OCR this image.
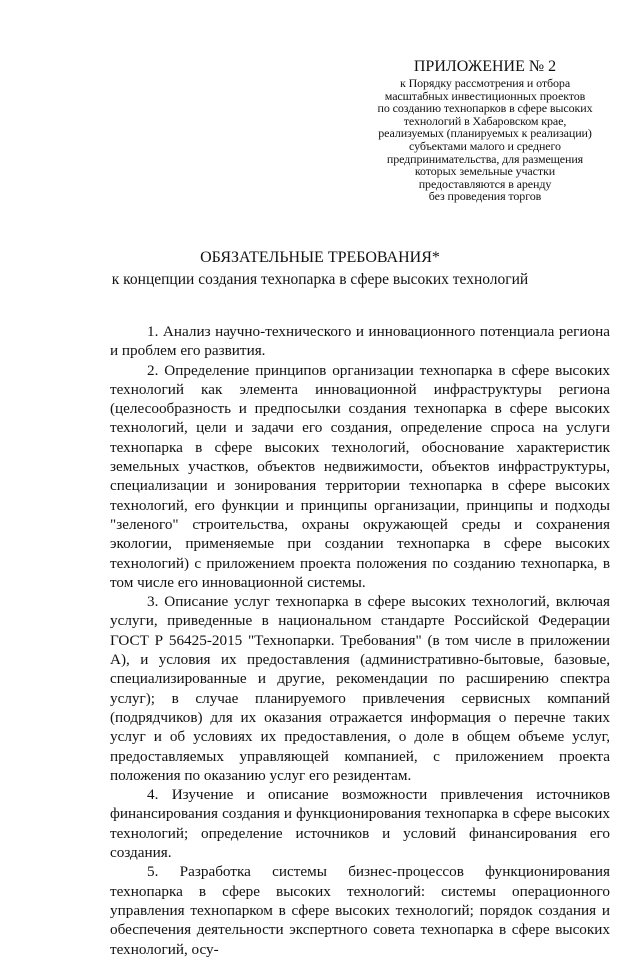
ПРИЛОЖЕНИЕ № 2

к Порядку рассмотрения и отбора

масштабных инвестиционных проектов

по созданию технопарков в сфере высоких

технологий в Хабаровском крае,

реализуемых (планируемых к реализации)

субъектами малого и среднего

предпринимательства, для размещения

которых земельные участки

предоставляются в аренду

без проведения торгов

ОБЯЗАТЕЛЬНЫЕ ТРЕБОВАНИЯ*
к концепции создания технопарка в сфере высоких технологий

1. Анализ научно-технического и инновационного потенциала региона и проблем его развития.

2. Определение принципов организации технопарка в сфере высоких технологий как элемента инновационной инфраструктуры региона (целесообразность и предпосылки создания технопарка в сфере высоких технологий, цели и задачи его создания, определение спроса на услуги технопарка в сфере высоких технологий, обоснование характеристик земельных участков, объектов недвижимости, объектов инфраструктуры, специализации и зонирования территории технопарка в сфере высоких технологий, его функции и принципы организации, принципы и подходы "зеленого" строительства, охраны окружающей среды и сохранения экологии, применяемые при создании технопарка в сфере высоких технологий) с приложением проекта положения по созданию технопарка, в том числе его инновационной системы.

3. Описание услуг технопарка в сфере высоких технологий, включая услуги, приведенные в национальном стандарте Российской Федерации ГОСТ Р 56425-2015 "Технопарки. Требования" (в том числе в приложении А), и условия их предоставления (административно-бытовые, базовые, специализированные и другие, рекомендации по расширению спектра услуг); в случае планируемого привлечения сервисных компаний (подрядчиков) для их оказания отражается информация о перечне таких услуг и об условиях их предоставления, о доле в общем объеме услуг, предоставляемых управляющей компанией, с приложением проекта положения по оказанию услуг его резидентам.

4. Изучение и описание возможности привлечения источников финансирования создания и функционирования технопарка в сфере высоких технологий; определение источников и условий финансирования его создания.

5. Разработка системы бизнес-процессов функционирования технопарка в сфере высоких технологий: системы операционного управления технопарком в сфере высоких технологий; порядок создания и обеспечения деятельности экспертного совета технопарка в сфере высоких технологий, осу-
